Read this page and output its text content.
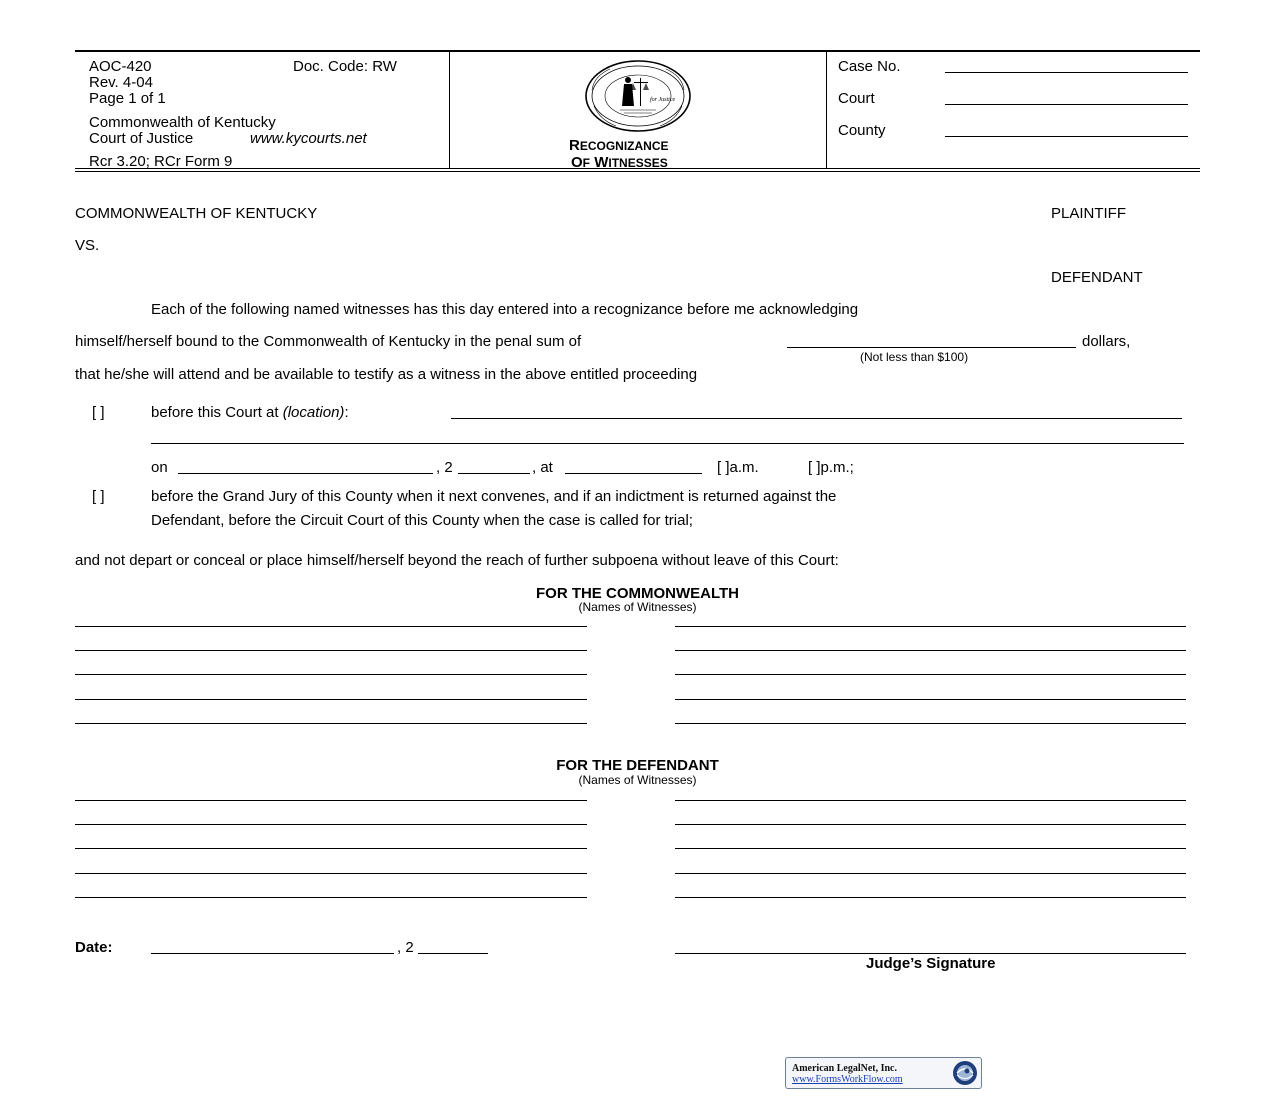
AOC-420	Doc. Code: RW
Rev. 4-04
Page 1 of 1
Commonwealth of Kentucky
Court of Justice	www.kycourts.net
Rcr 3.20; RCr Form 9
for Justice
RECOGNIZANCE
OF WITNESSES
Case No.
Court
County
COMMONWEALTH OF KENTUCKY	PLAINTIFF
VS.
DEFENDANT
Each of the following named witnesses has this day entered into a recognizance before me acknowledging
himself/herself bound to the Commonwealth of Kentucky in the penal sum of	dollars,
(Not less than $100)
that he/she will attend and be available to testify as a witness in the above entitled proceeding
[ ]	before this Court at (location):
on	, 2	, at	[ ]a.m.	[ ]p.m.;
[ ]	before the Grand Jury of this County when it next convenes, and if an indictment is returned against the
Defendant, before the Circuit Court of this County when the case is called for trial;
and not depart or conceal or place himself/herself beyond the reach of further subpoena without leave of this Court:
FOR THE COMMONWEALTH
(Names of Witnesses)
FOR THE DEFENDANT
(Names of Witnesses)
Date:	, 2
Judge’s Signature
American LegalNet, Inc.
www.FormsWorkFlow.com
